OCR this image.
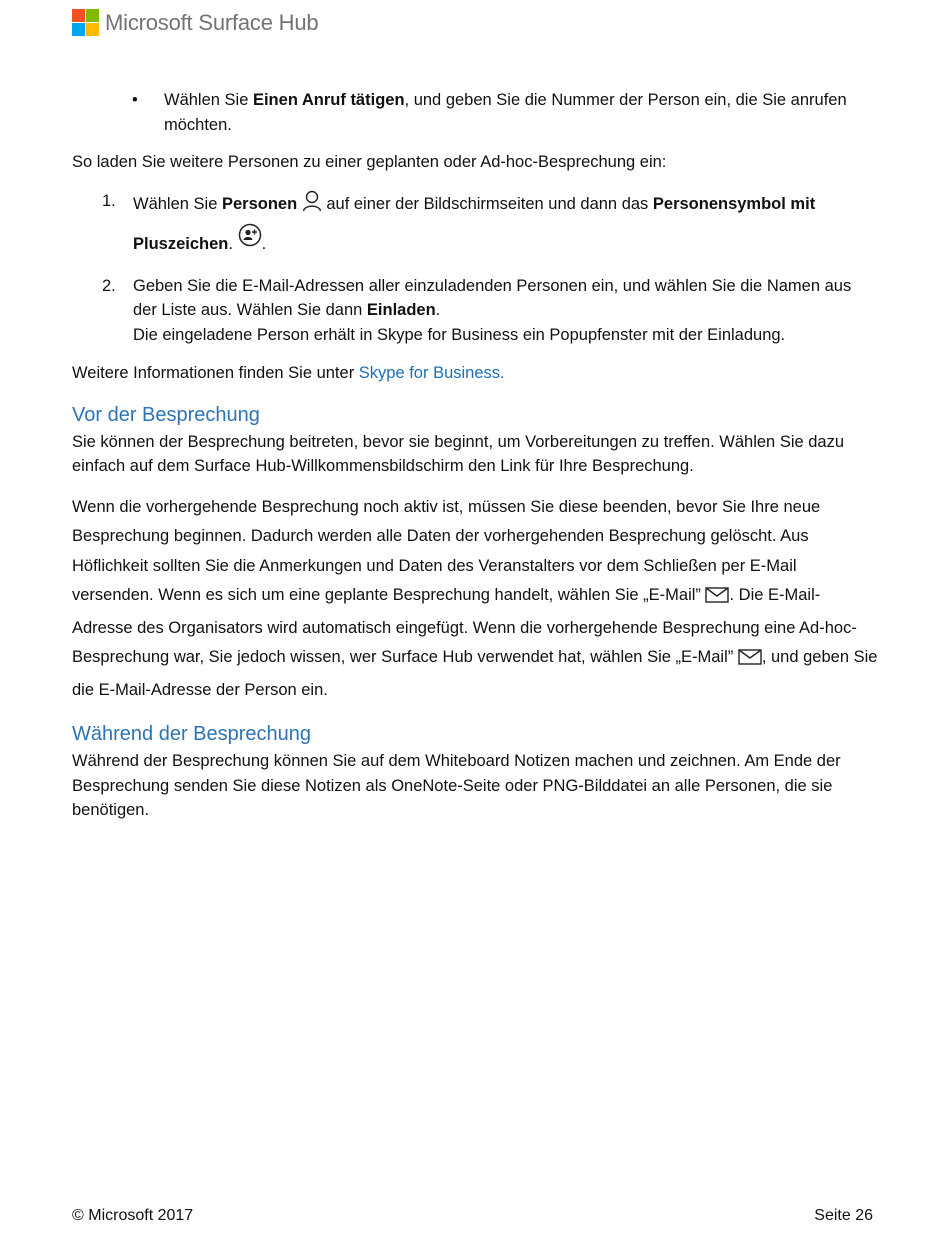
Microsoft Surface Hub
•	Wählen Sie Einen Anruf tätigen, und geben Sie die Nummer der Person ein, die Sie anrufen möchten.

So laden Sie weitere Personen zu einer geplanten oder Ad-hoc-Besprechung ein:

1.	Wählen Sie Personen  auf einer der Bildschirmseiten und dann das Personensymbol mit Pluszeichen. .

2.	Geben Sie die E-Mail-Adressen aller einzuladenden Personen ein, und wählen Sie die Namen aus der Liste aus. Wählen Sie dann Einladen.

Die eingeladene Person erhält in Skype for Business ein Popupfenster mit der Einladung.

Weitere Informationen finden Sie unter Skype for Business.

Vor der Besprechung

Sie können der Besprechung beitreten, bevor sie beginnt, um Vorbereitungen zu treffen. Wählen Sie dazu einfach auf dem Surface Hub-Willkommensbildschirm den Link für Ihre Besprechung.

Wenn die vorhergehende Besprechung noch aktiv ist, müssen Sie diese beenden, bevor Sie Ihre neue Besprechung beginnen. Dadurch werden alle Daten der vorhergehenden Besprechung gelöscht. Aus Höflichkeit sollten Sie die Anmerkungen und Daten des Veranstalters vor dem Schließen per E-Mail versenden. Wenn es sich um eine geplante Besprechung handelt, wählen Sie „E-Mail” . Die E-Mail-Adresse des Organisators wird automatisch eingefügt. Wenn die vorhergehende Besprechung eine Ad-hoc-Besprechung war, Sie jedoch wissen, wer Surface Hub verwendet hat, wählen Sie „E-Mail” , und geben Sie die E-Mail-Adresse der Person ein.

Während der Besprechung

Während der Besprechung können Sie auf dem Whiteboard Notizen machen und zeichnen. Am Ende der Besprechung senden Sie diese Notizen als OneNote-Seite oder PNG-Bilddatei an alle Personen, die sie benötigen.

© Microsoft 2017	Seite 26
